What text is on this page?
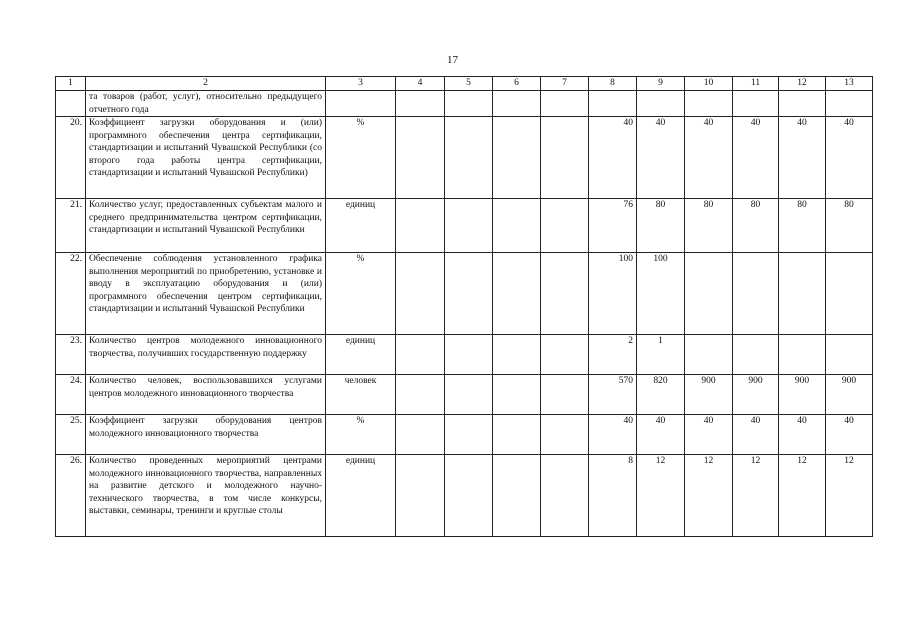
17
1	2	3	4	5	6	7	8	9	10	11	12	13
	та товаров (работ, услуг), относительно предыдущего отчетного года											
20.	Коэффициент загрузки оборудования и (или) программного обеспечения центра сертификации, стандартизации и испытаний Чувашской Республики (со второго года работы центра сертификации, стандартизации и испытаний Чувашской Республики)	%					40	40	40	40	40	40
21.	Количество услуг, предоставленных субъектам малого и среднего предпринимательства центром сертификации, стандартизации и испытаний Чувашской Республики	единиц					76	80	80	80	80	80
22.	Обеспечение соблюдения установленного графика выполнения мероприятий по приобретению, установке и вводу в эксплуатацию оборудования и (или) программного обеспечения центром сертификации, стандартизации и испытаний Чувашской Республики	%					100	100				
23.	Количество центров молодежного инновационного творчества, получивших государственную поддержку	единиц					2	1				
24.	Количество человек, воспользовавшихся услугами центров молодежного инновационного творчества	человек					570	820	900	900	900	900
25.	Коэффициент загрузки оборудования центров молодежного инновационного творчества	%					40	40	40	40	40	40
26.	Количество проведенных мероприятий центрами молодежного инновационного творчества, направленных на развитие детского и молодежного научно-технического творчества, в том числе конкурсы, выставки, семинары, тренинги и круглые столы	единиц					8	12	12	12	12	12
